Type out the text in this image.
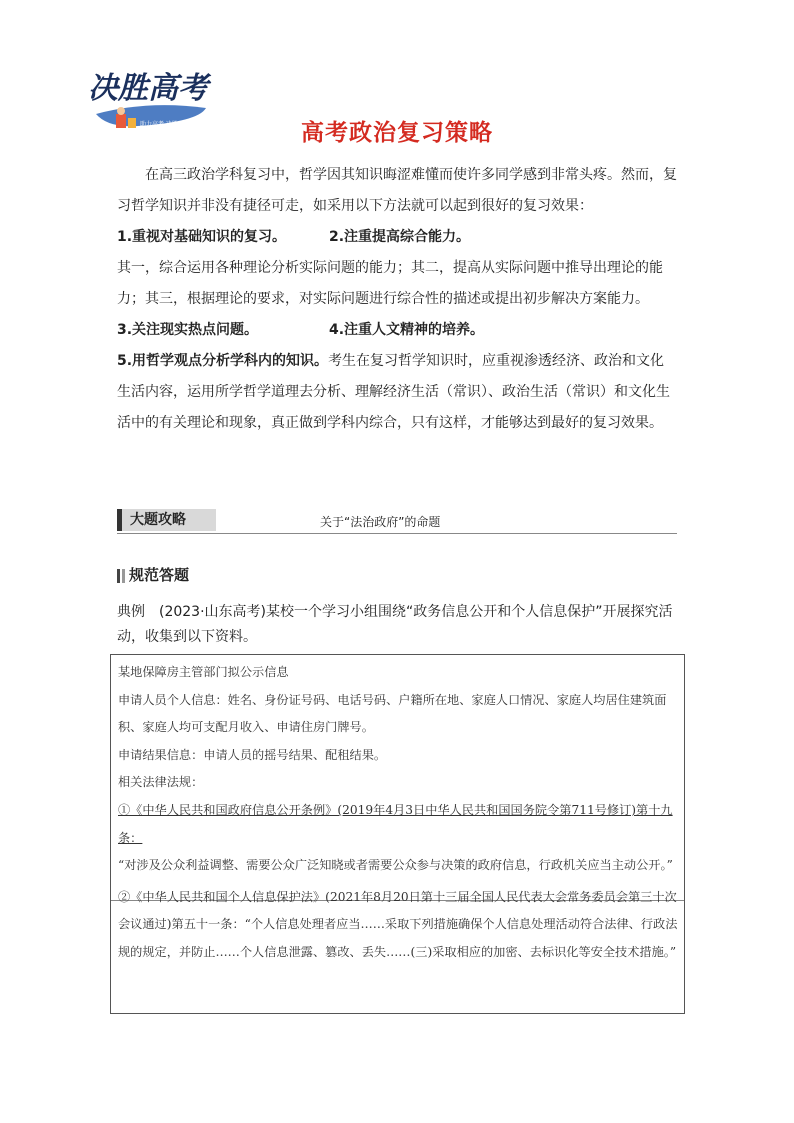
决胜高考
助力高考 决胜人生	高考政治复习策略

在高三政治学科复习中，哲学因其知识晦涩难懂而使许多同学感到非常头疼。然而，复习哲学知识并非没有捷径可走，如采用以下方法就可以起到很好的复习效果：

1.重视对基础知识的复习。	2.注重提高综合能力。

其一，综合运用各种理论分析实际问题的能力；其二，提高从实际问题中推导出理论的能力；其三，根据理论的要求，对实际问题进行综合性的描述或提出初步解决方案能力。

3.关注现实热点问题。	4.注重人文精神的培养。

5.用哲学观点分析学科内的知识。考生在复习哲学知识时，应重视渗透经济、政治和文化生活内容，运用所学哲学道理去分析、理解经济生活（常识）、政治生活（常识）和文化生活中的有关理论和现象，真正做到学科内综合，只有这样，才能够达到最好的复习效果。

大题攻略	关于“法治政府”的命题
规范答题
典例　(2023·山东高考)某校一个学习小组围绕“政务信息公开和个人信息保护”开展探究活动，收集到以下资料。

某地保障房主管部门拟公示信息

申请人员个人信息：姓名、身份证号码、电话号码、户籍所在地、家庭人口情况、家庭人均居住建筑面积、家庭人均可支配月收入、申请住房门牌号。

申请结果信息：申请人员的摇号结果、配租结果。

相关法律法规：

①《中华人民共和国政府信息公开条例》(2019年4月3日中华人民共和国国务院令第711号修订)第十九条：

“对涉及公众利益调整、需要公众广泛知晓或者需要公众参与决策的政府信息，行政机关应当主动公开。”

②《中华人民共和国个人信息保护法》(2021年8月20日第十三届全国人民代表大会常务委员会第三十次会议通过)第五十一条：“个人信息处理者应当……采取下列措施确保个人信息处理活动符合法律、行政法规的规定，并防止……个人信息泄露、篡改、丢失……(三)采取相应的加密、去标识化等安全技术措施。”
